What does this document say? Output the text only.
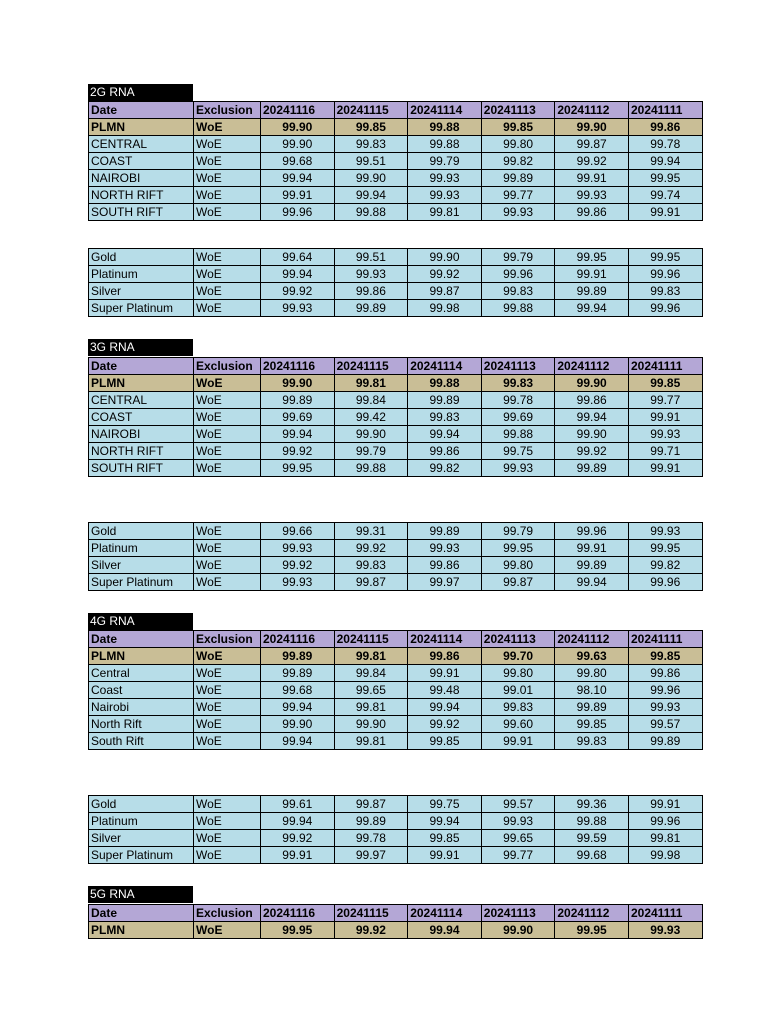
2G RNA
Date	Exclusion	20241116	20241115	20241114	20241113	20241112	20241111
PLMN	WoE	99.90	99.85	99.88	99.85	99.90	99.86
CENTRAL	WoE	99.90	99.83	99.88	99.80	99.87	99.78
COAST	WoE	99.68	99.51	99.79	99.82	99.92	99.94
NAIROBI	WoE	99.94	99.90	99.93	99.89	99.91	99.95
NORTH RIFT	WoE	99.91	99.94	99.93	99.77	99.93	99.74
SOUTH RIFT	WoE	99.96	99.88	99.81	99.93	99.86	99.91
Gold	WoE	99.64	99.51	99.90	99.79	99.95	99.95
Platinum	WoE	99.94	99.93	99.92	99.96	99.91	99.96
Silver	WoE	99.92	99.86	99.87	99.83	99.89	99.83
Super Platinum	WoE	99.93	99.89	99.98	99.88	99.94	99.96
3G RNA
Date	Exclusion	20241116	20241115	20241114	20241113	20241112	20241111
PLMN	WoE	99.90	99.81	99.88	99.83	99.90	99.85
CENTRAL	WoE	99.89	99.84	99.89	99.78	99.86	99.77
COAST	WoE	99.69	99.42	99.83	99.69	99.94	99.91
NAIROBI	WoE	99.94	99.90	99.94	99.88	99.90	99.93
NORTH RIFT	WoE	99.92	99.79	99.86	99.75	99.92	99.71
SOUTH RIFT	WoE	99.95	99.88	99.82	99.93	99.89	99.91
Gold	WoE	99.66	99.31	99.89	99.79	99.96	99.93
Platinum	WoE	99.93	99.92	99.93	99.95	99.91	99.95
Silver	WoE	99.92	99.83	99.86	99.80	99.89	99.82
Super Platinum	WoE	99.93	99.87	99.97	99.87	99.94	99.96
4G RNA
Date	Exclusion	20241116	20241115	20241114	20241113	20241112	20241111
PLMN	WoE	99.89	99.81	99.86	99.70	99.63	99.85
Central	WoE	99.89	99.84	99.91	99.80	99.80	99.86
Coast	WoE	99.68	99.65	99.48	99.01	98.10	99.96
Nairobi	WoE	99.94	99.81	99.94	99.83	99.89	99.93
North Rift	WoE	99.90	99.90	99.92	99.60	99.85	99.57
South Rift	WoE	99.94	99.81	99.85	99.91	99.83	99.89
Gold	WoE	99.61	99.87	99.75	99.57	99.36	99.91
Platinum	WoE	99.94	99.89	99.94	99.93	99.88	99.96
Silver	WoE	99.92	99.78	99.85	99.65	99.59	99.81
Super Platinum	WoE	99.91	99.97	99.91	99.77	99.68	99.98
5G RNA
Date	Exclusion	20241116	20241115	20241114	20241113	20241112	20241111
PLMN	WoE	99.95	99.92	99.94	99.90	99.95	99.93
